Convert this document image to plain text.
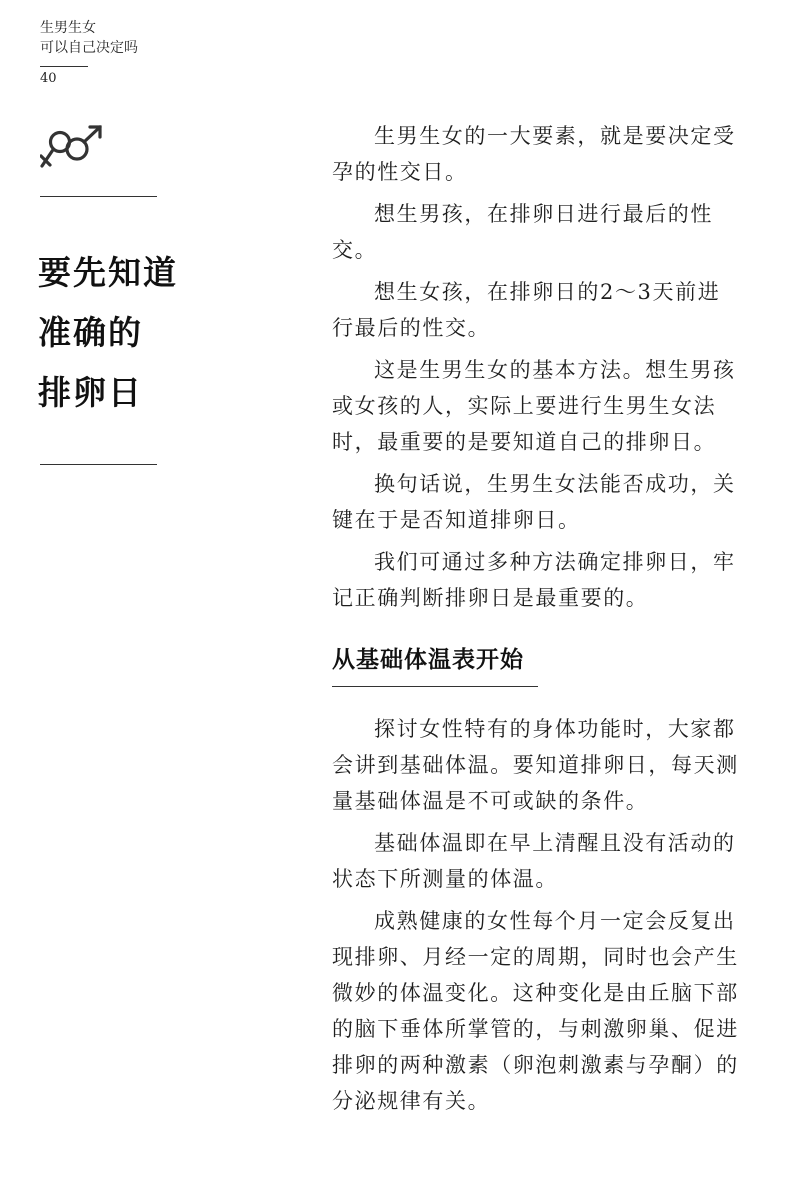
生男生女
可以自己决定吗
40
要先知道
准确的
排卵日

生男生女的一大要素，就是要决定受孕的性交日。

想生男孩，在排卵日进行最后的性交。

想生女孩，在排卵日的2～3天前进行最后的性交。

这是生男生女的基本方法。想生男孩或女孩的人，实际上要进行生男生女法时，最重要的是要知道自己的排卵日。

换句话说，生男生女法能否成功，关键在于是否知道排卵日。

我们可通过多种方法确定排卵日，牢记正确判断排卵日是最重要的。

从基础体温表开始

探讨女性特有的身体功能时，大家都会讲到基础体温。要知道排卵日，每天测量基础体温是不可或缺的条件。

基础体温即在早上清醒且没有活动的状态下所测量的体温。

成熟健康的女性每个月一定会反复出现排卵、月经一定的周期，同时也会产生微妙的体温变化。这种变化是由丘脑下部的脑下垂体所掌管的，与刺激卵巢、促进排卵的两种激素（卵泡刺激素与孕酮）的分泌规律有关。
